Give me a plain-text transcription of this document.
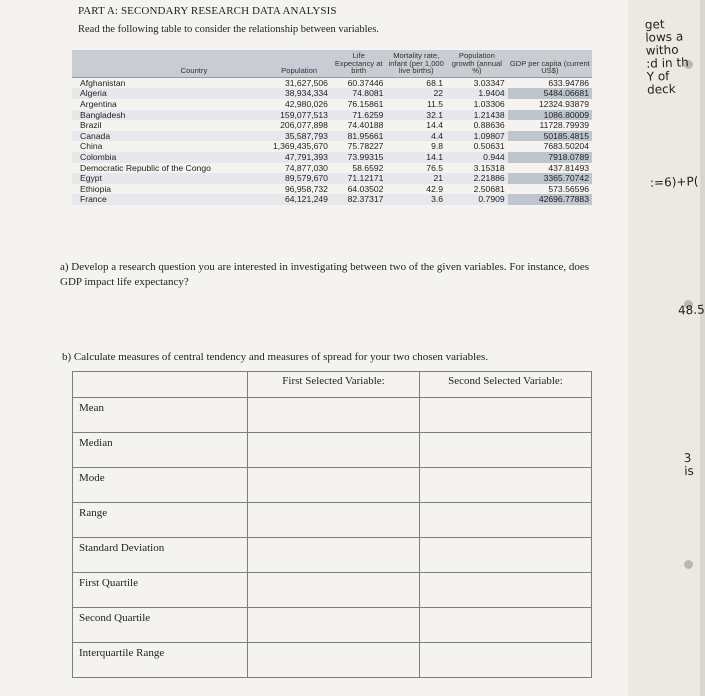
PART A: SECONDARY RESEARCH DATA ANALYSIS
Read the following table to consider the relationship between variables.
Country	Population	Life Expectancy at birth	Mortality rate, infant (per 1,000 live births)	Population growth (annual %)	GDP per capita (current US$)
Afghanistan	31,627,506	60.37446	68.1	3.03347	633.94786
Algeria	38,934,334	74.8081	22	1.9404	5484.06681
Argentina	42,980,026	76.15861	11.5	1.03306	12324.93879
Bangladesh	159,077,513	71.6259	32.1	1.21438	1086.80009
Brazil	206,077,898	74.40188	14.4	0.88636	11728.79939
Canada	35,587,793	81.95661	4.4	1.09807	50185.4815
China	1,369,435,670	75.78227	9.8	0.50631	7683.50204
Colombia	47,791,393	73.99315	14.1	0.944	7918.0789
Democratic Republic of the Congo	74,877,030	58.6592	76.5	3.15318	437.81493
Egypt	89,579,670	71.12171	21	2.21886	3365.70742
Ethiopia	96,958,732	64.03502	42.9	2.50681	573.56596
France	64,121,249	82.37317	3.6	0.7909	42696.77883
a) Develop a research question you are interested in investigating between two of the given variables. For instance, does GDP impact life expectancy?
b) Calculate measures of central tendency and measures of spread for your two chosen variables.
	First Selected Variable:	Second Selected Variable:
Mean		
Median		
Mode		
Range		
Standard Deviation		
First Quartile		
Second Quartile		
Interquartile Range		
get
lows a
witho
:d in th
Y of
deck
:=6)+P(
48.5
3
is
